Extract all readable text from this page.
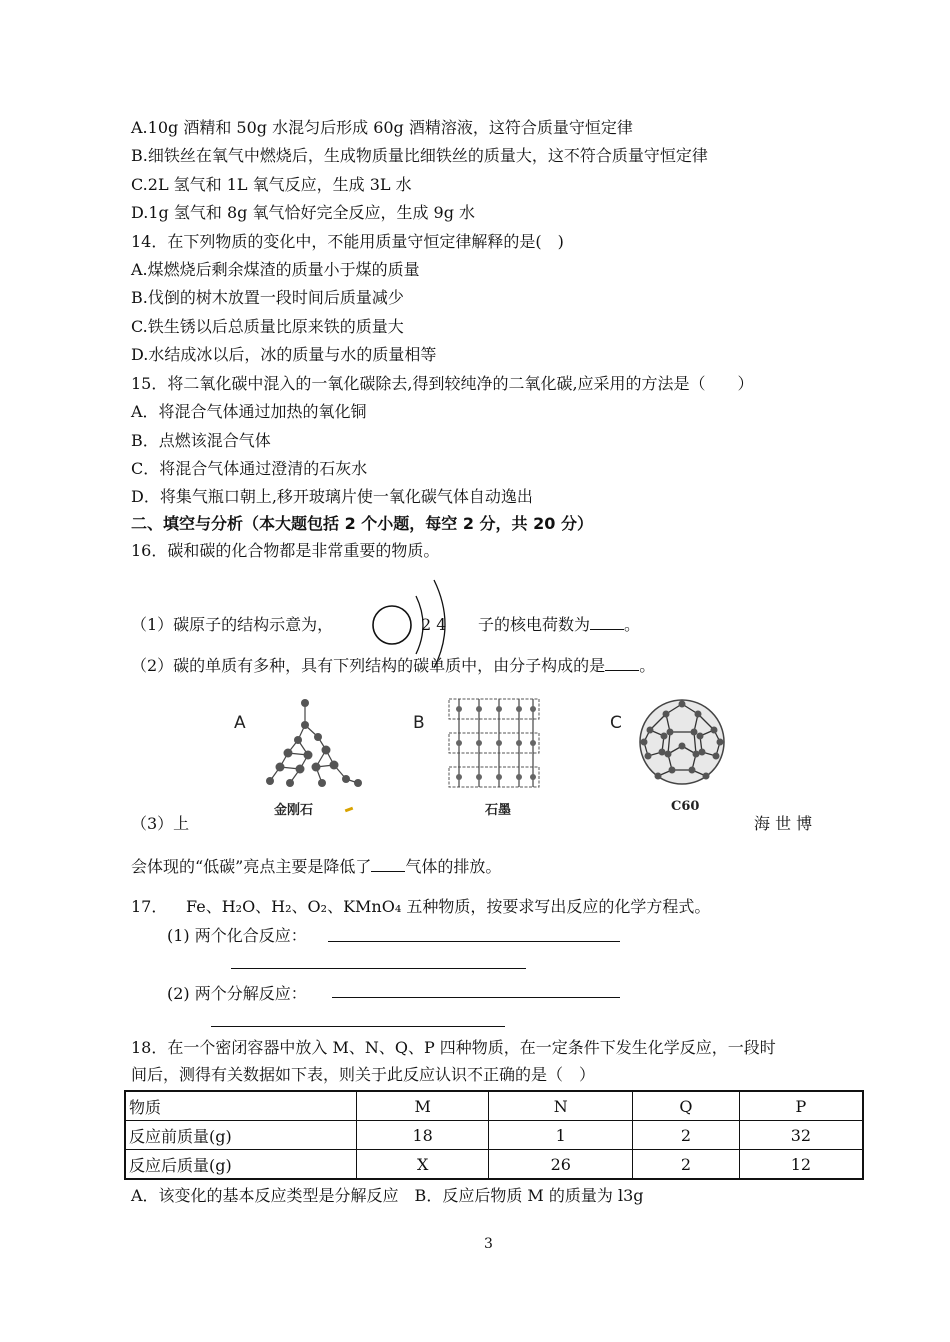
A.10g 酒精和 50g 水混匀后形成 60g 酒精溶液，这符合质量守恒定律
B.细铁丝在氧气中燃烧后，生成物质量比细铁丝的质量大，这不符合质量守恒定律
C.2L 氢气和 1L 氧气反应，生成 3L 水
D.1g 氢气和 8g 氧气恰好完全反应，生成 9g 水
14．在下列物质的变化中，不能用质量守恒定律解释的是(　)
A.煤燃烧后剩余煤渣的质量小于煤的质量
B.伐倒的树木放置一段时间后质量减少
C.铁生锈以后总质量比原来铁的质量大
D.水结成冰以后，冰的质量与水的质量相等
15．将二氧化碳中混入的一氧化碳除去,得到较纯净的二氧化碳,应采用的方法是（　　）
A．将混合气体通过加热的氧化铜
B．点燃该混合气体
C．将混合气体通过澄清的石灰水
D．将集气瓶口朝上,移开玻璃片使一氧化碳气体自动逸出
二、填空与分析（本大题包括 2 个小题，每空 2 分，共 20 分）
16．碳和碳的化合物都是非常重要的物质。
（1）碳原子的结构示意为，	2 4 子的核电荷数为 。
（2）碳的单质有多种，具有下列结构的碳单质中，由分子构成的是 。
A	B	C
金刚石	石墨	C60
（3）上	海 世 博
会体现的“低碳”亮点主要是降低了 气体的排放。
17． Fe、H₂O、H₂、O₂、KMnO₄ 五种物质，按要求写出反应的化学方程式。
(1) 两个化合反应：
(2) 两个分解反应：
18．在一个密闭容器中放入 M、N、Q、P 四种物质，在一定条件下发生化学反应，一段时
间后，测得有关数据如下表，则关于此反应认识不正确的是（　）
物质	M	N	Q	P
反应前质量(g)	18	1	2	32
反应后质量(g)	X	26	2	12
A．该变化的基本反应类型是分解反应　B．反应后物质 M 的质量为 l3g
3
